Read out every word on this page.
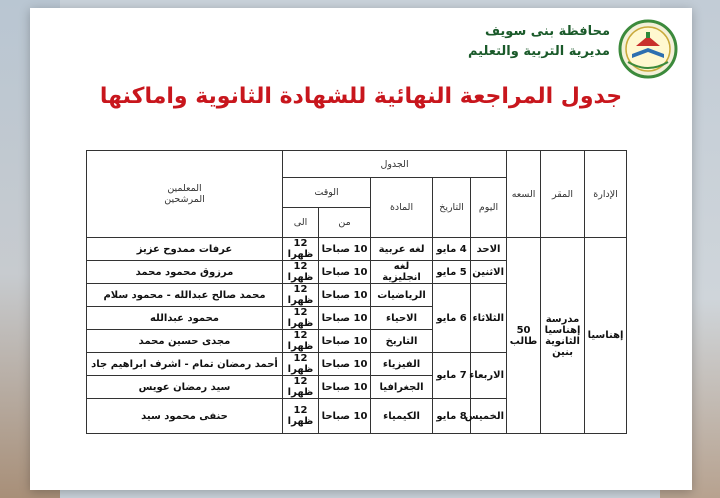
محافظة بنى سويف
مديرية التربية والتعليم
جدول المراجعة النهائية للشهادة الثانوية واماكنها
الإدارة	المقر	السعه	الجدول					المعلمين
المرشحين
			اليوم	التاريخ	المادة	الوقت		
						من	الى	
إهناسيا	مدرسة إهناسيا الثانوية بنين	50 طالب	الاحد	4 مايو	لغه عربية	10 صباحا	12 ظهرا	عرفات ممدوح عزيز
			الاثنين	5 مايو	لغه انجليزية	10 صباحا	12 ظهرا	مرزوق محمود محمد
			الثلاثاء	6 مايو	الرياضيات	10 صباحا	12 ظهرا	محمد صالح عبدالله - محمود سلام
					الاحياء	10 صباحا	12 ظهرا	محمود عبدالله
					التاريخ	10 صباحا	12 ظهرا	مجدى حسين محمد
			الاربعاء	7 مايو	الفيزياء	10 صباحا	12 ظهرا	أحمد رمضان تمام - اشرف ابراهيم جاد
					الجغرافيا	10 صباحا	12 ظهرا	سيد رمضان عويس
			الخميس	8 مايو	الكيمياء	10 صباحا	12 ظهرا	حنفى محمود سيد
